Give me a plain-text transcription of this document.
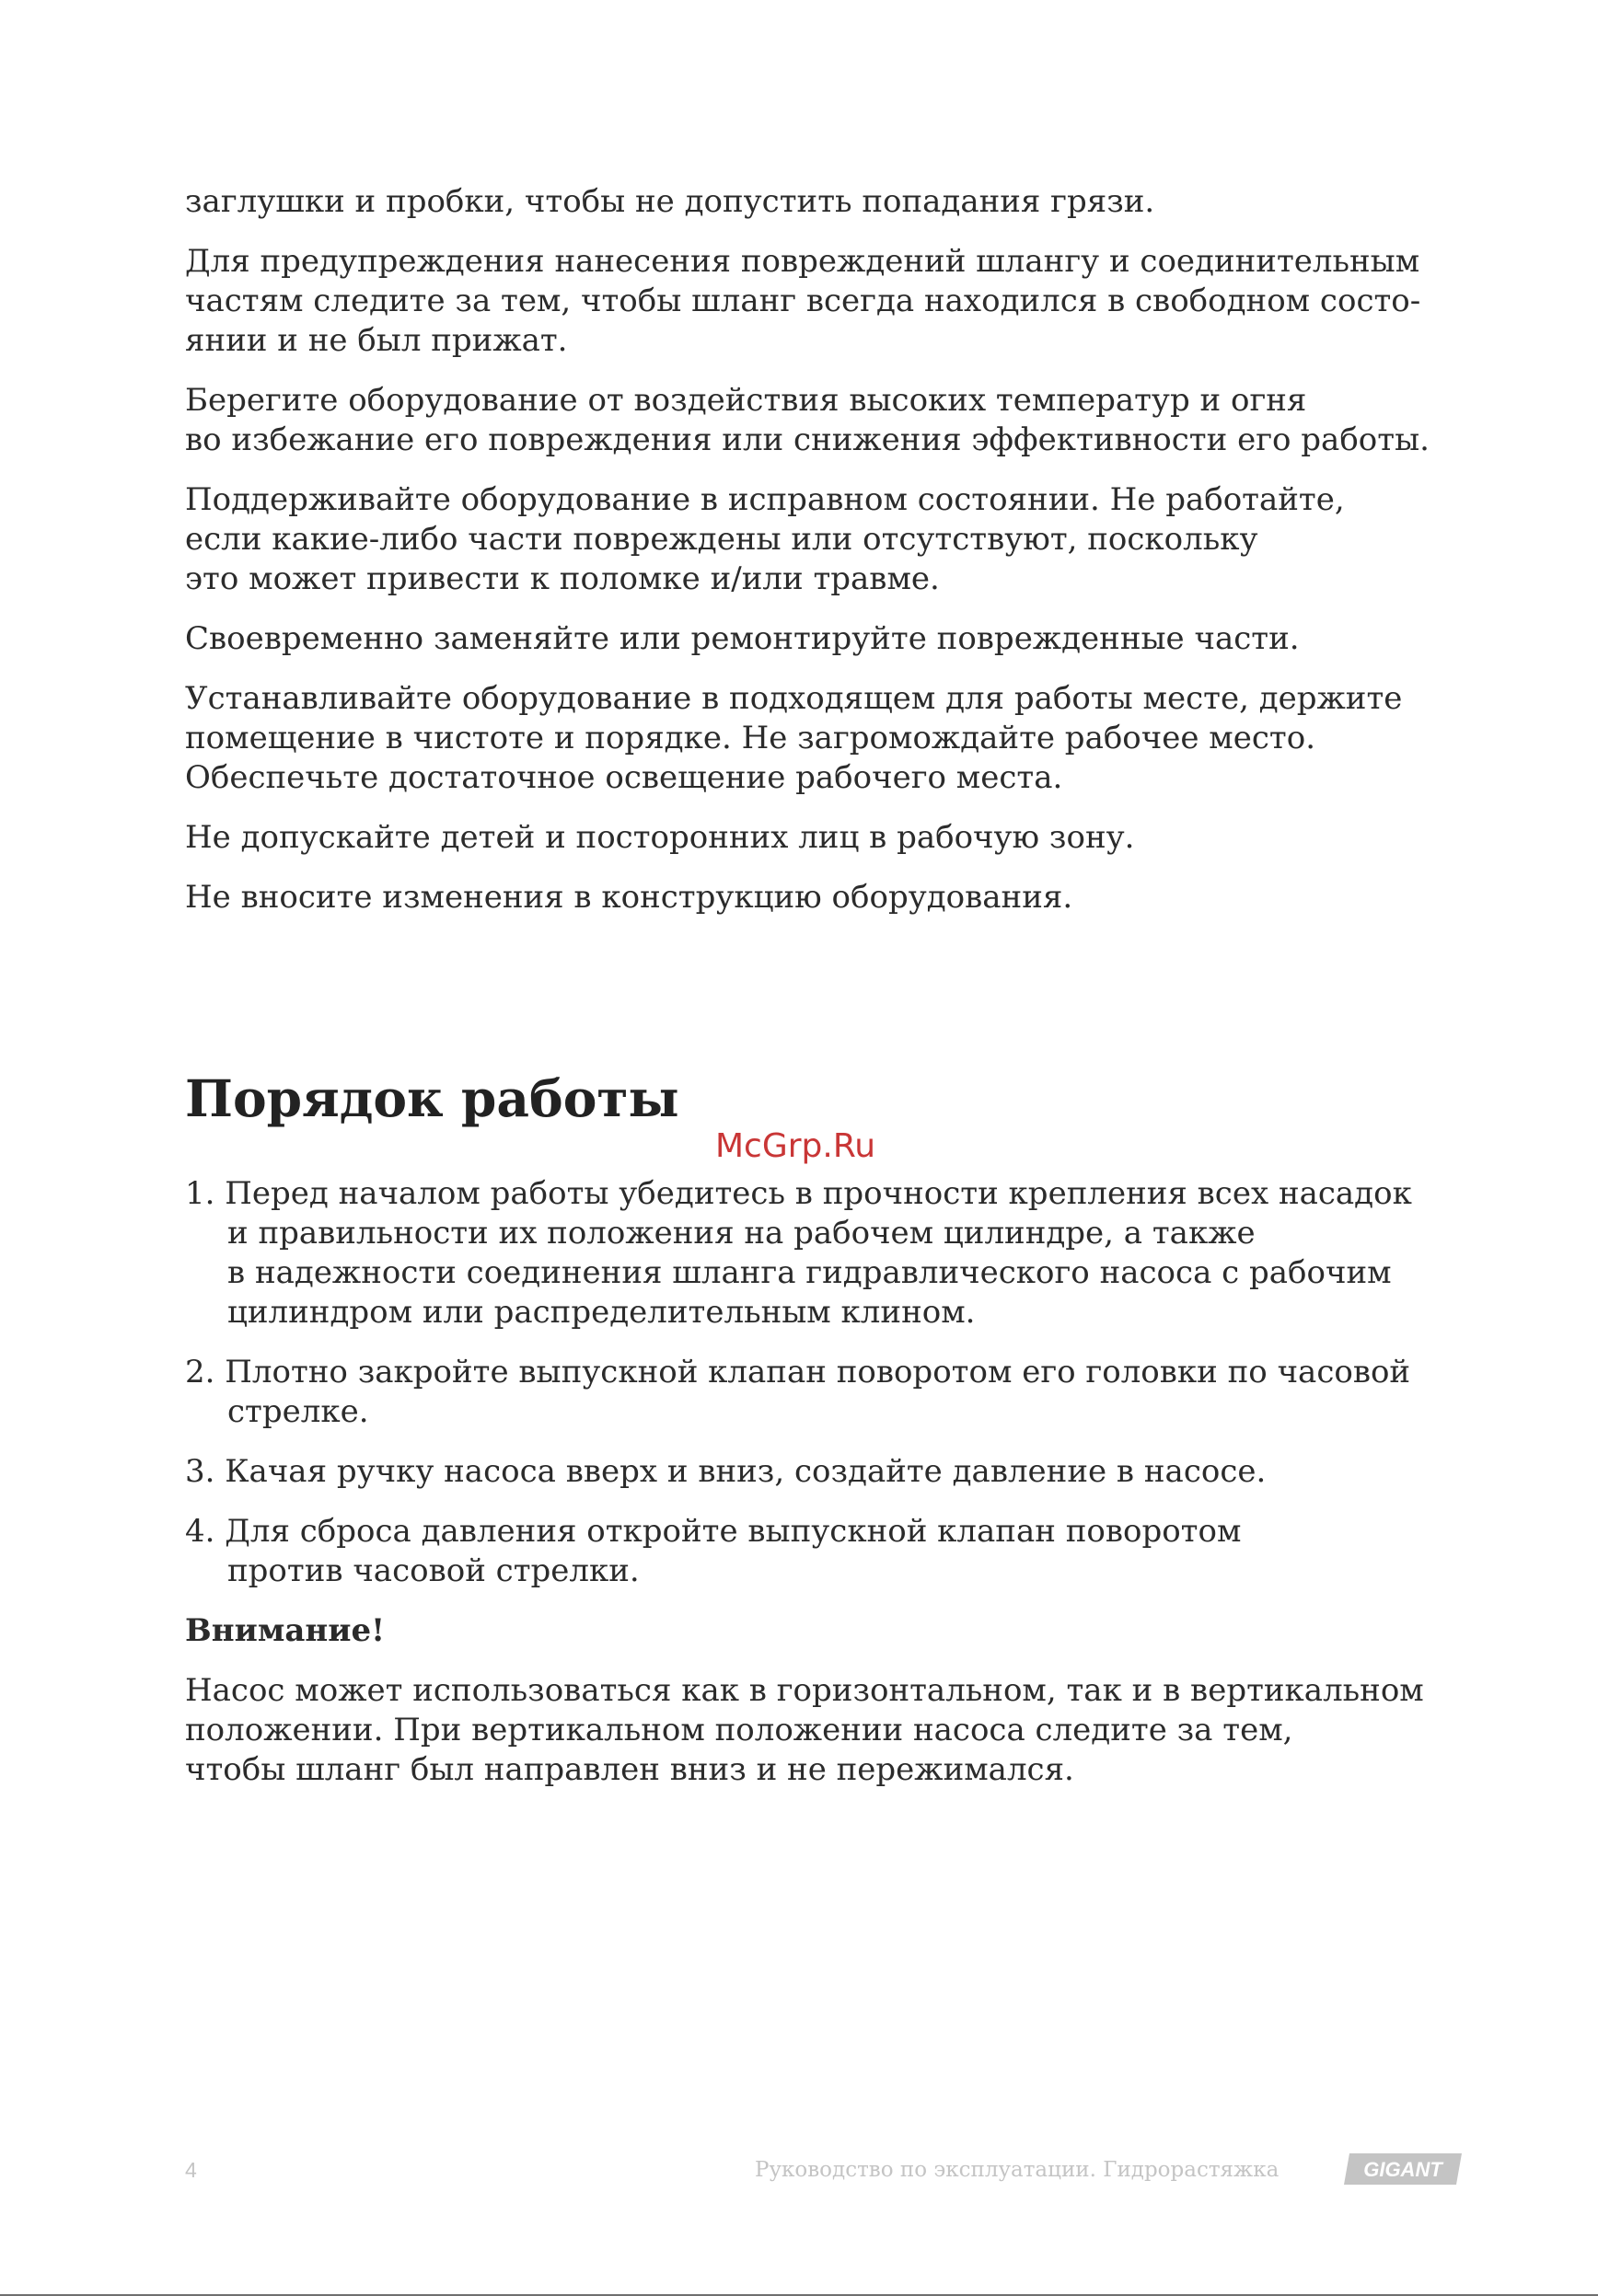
заглушки и пробки, чтобы не допустить попадания грязи.

Для предупреждения нанесения повреждений шлангу и соединительным
частям следите за тем, чтобы шланг всегда находился в свободном состо-
янии и не был прижат.

Берегите оборудование от воздействия высоких температур и огня
во избежание его повреждения или снижения эффективности его работы.

Поддерживайте оборудование в исправном состоянии. Не работайте,
если какие-либо части повреждены или отсутствуют, поскольку
это может привести к поломке и/или травме.

Своевременно заменяйте или ремонтируйте поврежденные части.

Устанавливайте оборудование в подходящем для работы месте, держите
помещение в чистоте и порядке. Не загромождайте рабочее место.
Обеспечьте достаточное освещение рабочего места.

Не допускайте детей и посторонних лиц в рабочую зону.

Не вносите изменения в конструкцию оборудования.

Порядок работы

1. Перед началом работы убедитесь в прочности крепления всех насадок
и правильности их положения на рабочем цилиндре, а также
в надежности соединения шланга гидравлического насоса с рабочим
цилиндром или распределительным клином.

2. Плотно закройте выпускной клапан поворотом его головки по часовой
стрелке.

3. Качая ручку насоса вверх и вниз, создайте давление в насосе.

4. Для сброса давления откройте выпускной клапан поворотом
против часовой стрелки.

Внимание!

Насос может использоваться как в горизонтальном, так и в вертикальном
положении. При вертикальном положении насоса следите за тем,
чтобы шланг был направлен вниз и не пережимался.

McGrp.Ru
4	Руководство по эксплуатации. Гидрорастяжка	GIGANT
